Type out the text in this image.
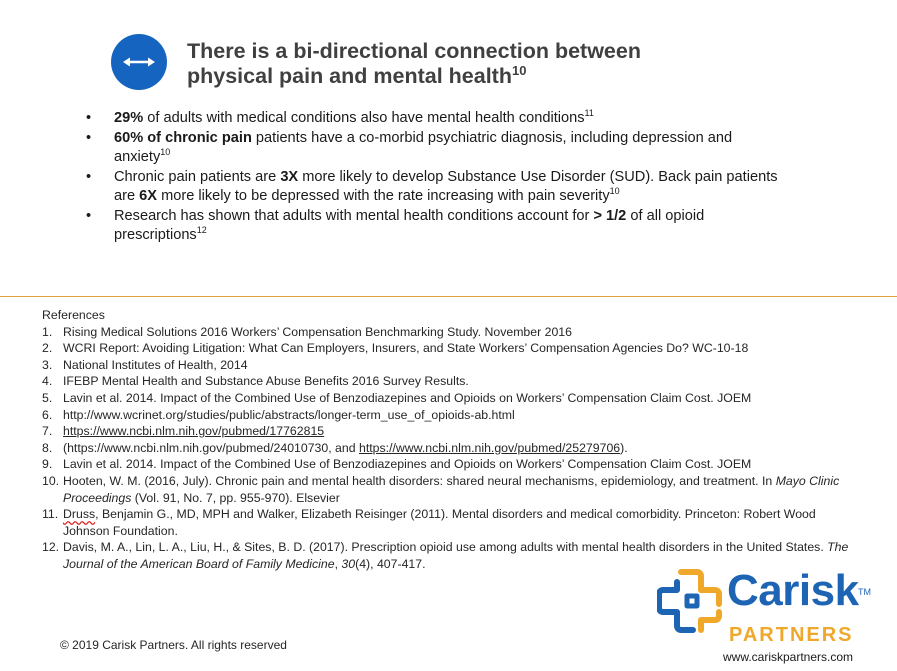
There is a bi-directional connection between
physical pain and mental health$^{10}$
• 29% of adults with medical conditions also have mental health conditions$^{11}$
• 60% of chronic pain patients have a co-morbid psychiatric diagnosis, including depression and anxiety$^{10}$
• Chronic pain patients are 3X more likely to develop Substance Use Disorder (SUD). Back pain patients are 6X more likely to be depressed with the rate increasing with pain severity$^{10}$
• Research has shown that adults with mental health conditions account for > 1/2 of all opioid prescriptions$^{12}$
References
1. Rising Medical Solutions 2016 Workers’ Compensation Benchmarking Study. November 2016
2. WCRI Report: Avoiding Litigation: What Can Employers, Insurers, and State Workers’ Compensation Agencies Do? WC-10-18
3. National Institutes of Health, 2014
4. IFEBP Mental Health and Substance Abuse Benefits 2016 Survey Results.
5. Lavin et al. 2014. Impact of the Combined Use of Benzodiazepines and Opioids on Workers’ Compensation Claim Cost. JOEM
6. http://www.wcrinet.org/studies/public/abstracts/longer-term_use_of_opioids-ab.html
7. https://www.ncbi.nlm.nih.gov/pubmed/17762815
8. (https://www.ncbi.nlm.nih.gov/pubmed/24010730, and https://www.ncbi.nlm.nih.gov/pubmed/25279706).
9. Lavin et al. 2014. Impact of the Combined Use of Benzodiazepines and Opioids on Workers’ Compensation Claim Cost. JOEM
10. Hooten, W. M. (2016, July). Chronic pain and mental health disorders: shared neural mechanisms, epidemiology, and treatment. In Mayo Clinic Proceedings (Vol. 91, No. 7, pp. 955-970). Elsevier
11. Druss, Benjamin G., MD, MPH and Walker, Elizabeth Reisinger (2011). Mental disorders and medical comorbidity. Princeton: Robert Wood Johnson Foundation.
12. Davis, M. A., Lin, L. A., Liu, H., & Sites, B. D. (2017). Prescription opioid use among adults with mental health disorders in the United States. The Journal of the American Board of Family Medicine, 30(4), 407-417.
© 2019 Carisk Partners. All rights reserved
Carisk TM
PARTNERS
www.cariskpartners.com
